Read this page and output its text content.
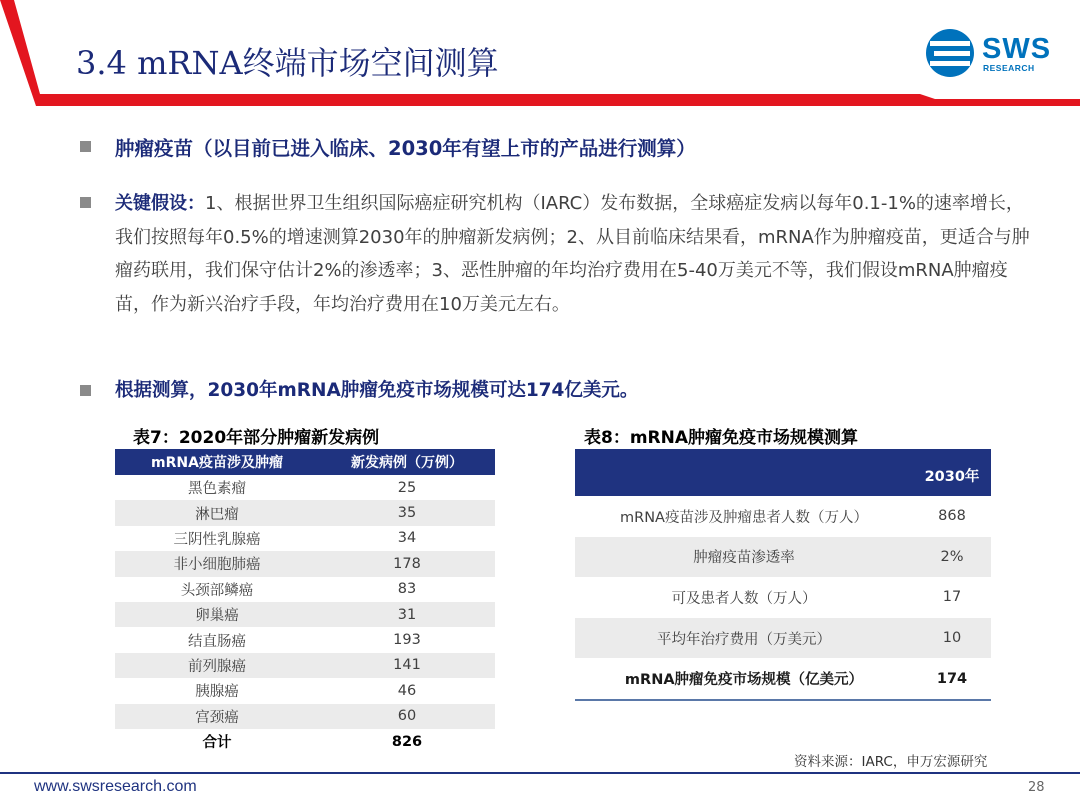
3.4 mRNA终端市场空间测算	SWS
RESEARCH
肿瘤疫苗（以目前已进入临床、2030年有望上市的产品进行测算）
关键假设：1、根据世界卫生组织国际癌症研究机构（IARC）发布数据，全球癌症发病以每年0.1-1%的速率增长，我们按照每年0.5%的增速测算2030年的肿瘤新发病例；2、从目前临床结果看，mRNA作为肿瘤疫苗，更适合与肿瘤药联用，我们保守估计2%的渗透率；3、恶性肿瘤的年均治疗费用在5-40万美元不等，我们假设mRNA肿瘤疫苗，作为新兴治疗手段，年均治疗费用在10万美元左右。
根据测算，2030年mRNA肿瘤免疫市场规模可达174亿美元。
表7：2020年部分肿瘤新发病例
mRNA疫苗涉及肿瘤	新发病例（万例）
黑色素瘤	25
淋巴瘤	35
三阴性乳腺癌	34
非小细胞肺癌	178
头颈部鳞癌	83
卵巢癌	31
结直肠癌	193
前列腺癌	141
胰腺癌	46
宫颈癌	60
合计	826
表8：mRNA肿瘤免疫市场规模测算
	2030年
mRNA疫苗涉及肿瘤患者人数（万人）	868
肿瘤疫苗渗透率	2%
可及患者人数（万人）	17
平均年治疗费用（万美元）	10
mRNA肿瘤免疫市场规模（亿美元）	174
资料来源：IARC，申万宏源研究
www.swsresearch.com	28
